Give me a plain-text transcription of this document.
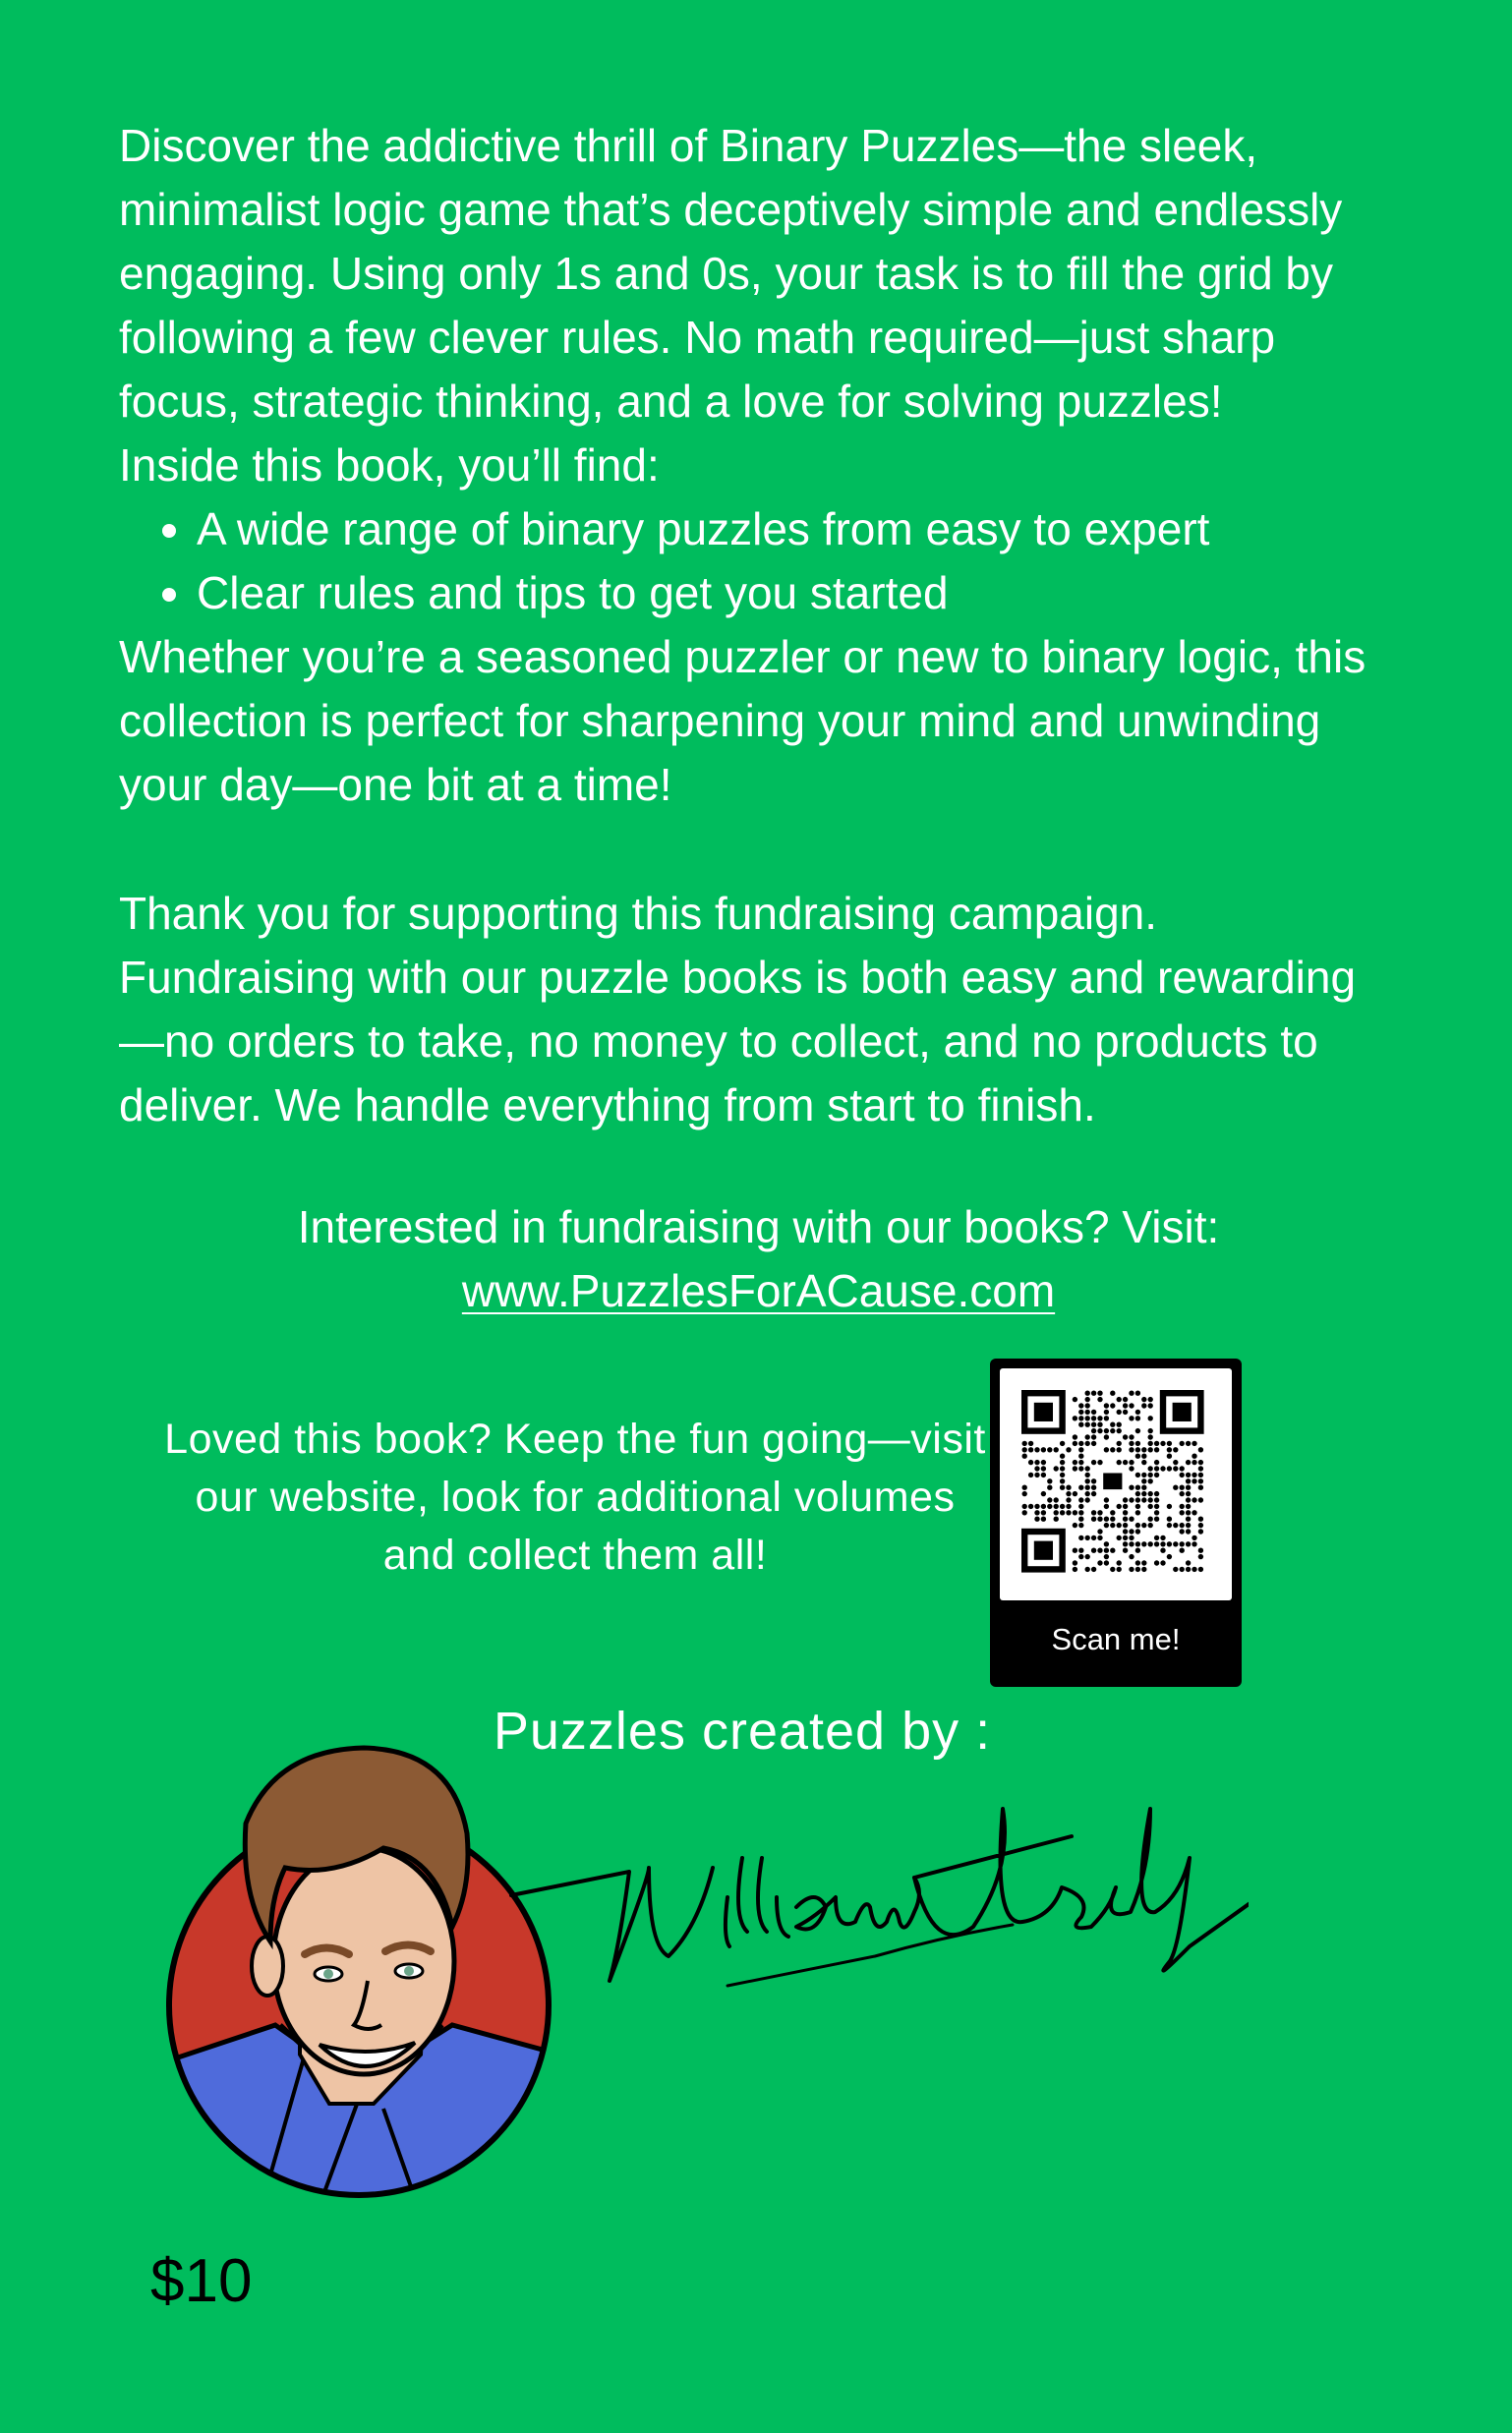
Discover the addictive thrill of Binary Puzzles—the sleek, minimalist logic game that’s deceptively simple and endlessly engaging. Using only 1s and 0s, your task is to fill the grid by following a few clever rules. No math required—just sharp focus, strategic thinking, and a love for solving puzzles!

Inside this book, you’ll find:

• A wide range of binary puzzles from easy to expert
• Clear rules and tips to get you started

Whether you’re a seasoned puzzler or new to binary logic, this collection is perfect for sharpening your mind and unwinding your day—one bit at a time!

Thank you for supporting this fundraising campaign. Fundraising with our puzzle books is both easy and rewarding —no orders to take, no money to collect, and no products to deliver. We handle everything from start to finish.

Interested in fundraising with our books? Visit:

www.PuzzlesForACause.com

Loved this book? Keep the fun going—visit our website, look for additional volumes and collect them all!
Scan me!
Puzzles created by :
$10
